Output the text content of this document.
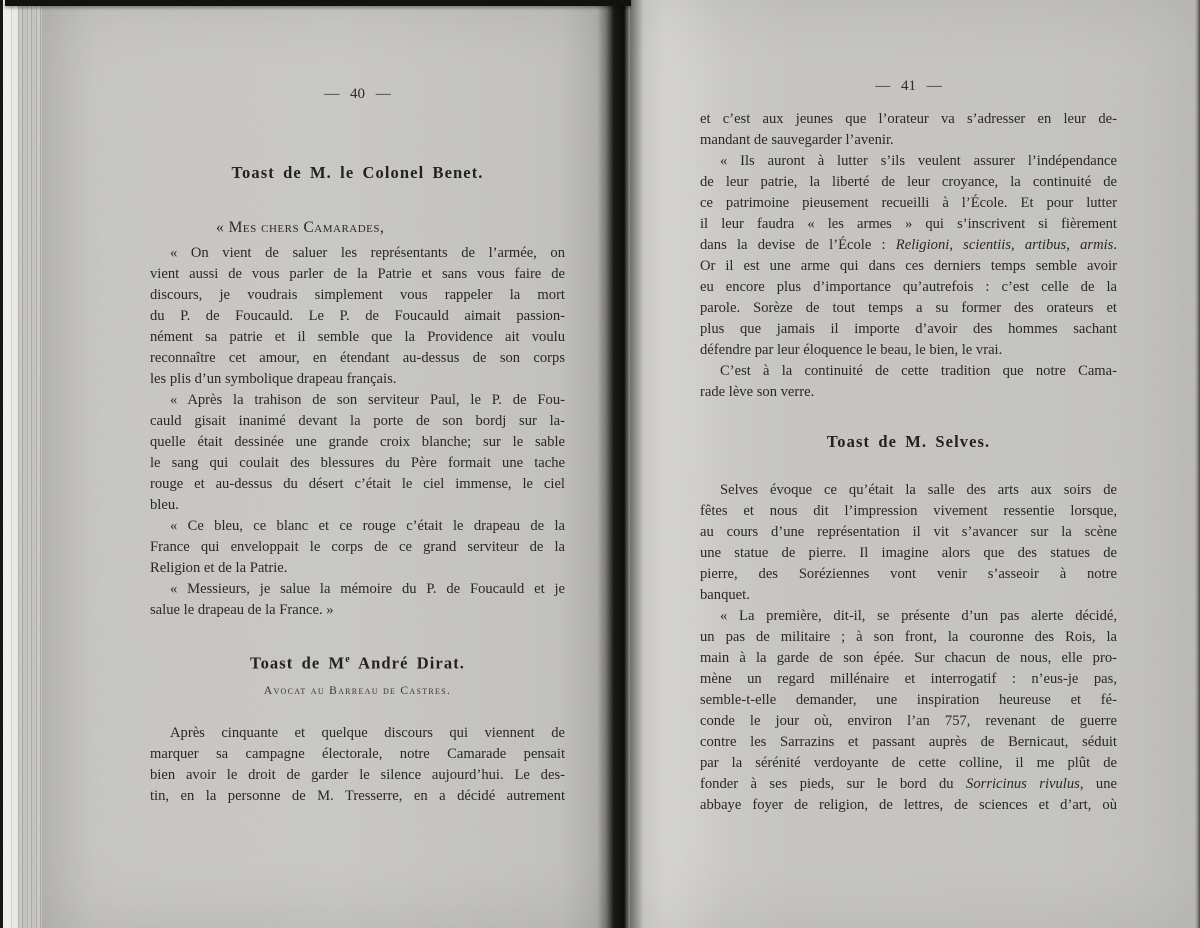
— 40 —
Toast de M. le Colonel Benet.
« Mes chers Camarades,
« On vient de saluer les représentants de l’armée, on
vient aussi de vous parler de la Patrie et sans vous faire de
discours, je voudrais simplement vous rappeler la mort
du P. de Foucauld. Le P. de Foucauld aimait passion-
nément sa patrie et il semble que la Providence ait voulu
reconnaître cet amour, en étendant au-dessus de son corps
les plis d’un symbolique drapeau français.
« Après la trahison de son serviteur Paul, le P. de Fou-
cauld gisait inanimé devant la porte de son bordj sur la-
quelle était dessinée une grande croix blanche; sur le sable
le sang qui coulait des blessures du Père formait une tache
rouge et au-dessus du désert c’était le ciel immense, le ciel
bleu.
« Ce bleu, ce blanc et ce rouge c’était le drapeau de la
France qui enveloppait le corps de ce grand serviteur de la
Religion et de la Patrie.
« Messieurs, je salue la mémoire du P. de Foucauld et je
salue le drapeau de la France. »
Toast de Me André Dirat.
Avocat au Barreau de Castres.
Après cinquante et quelque discours qui viennent de
marquer sa campagne électorale, notre Camarade pensait
bien avoir le droit de garder le silence aujourd’hui. Le des-
tin, en la personne de M. Tresserre, en a décidé autrement
— 41 —
et c’est aux jeunes que l’orateur va s’adresser en leur de-
mandant de sauvegarder l’avenir.
« Ils auront à lutter s’ils veulent assurer l’indépendance
de leur patrie, la liberté de leur croyance, la continuité de
ce patrimoine pieusement recueilli à l’École. Et pour lutter
il leur faudra « les armes » qui s’inscrivent si fièrement
dans la devise de l’École : Religioni, scientiis, artibus, armis.
Or il est une arme qui dans ces derniers temps semble avoir
eu encore plus d’importance qu’autrefois : c’est celle de la
parole. Sorèze de tout temps a su former des orateurs et
plus que jamais il importe d’avoir des hommes sachant
défendre par leur éloquence le beau, le bien, le vrai.
C’est à la continuité de cette tradition que notre Cama-
rade lève son verre.
Toast de M. Selves.
Selves évoque ce qu’était la salle des arts aux soirs de
fêtes et nous dit l’impression vivement ressentie lorsque,
au cours d’une représentation il vit s’avancer sur la scène
une statue de pierre. Il imagine alors que des statues de
pierre, des Soréziennes vont venir s’asseoir à notre
banquet.
« La première, dit-il, se présente d’un pas alerte décidé,
un pas de militaire ; à son front, la couronne des Rois, la
main à la garde de son épée. Sur chacun de nous, elle pro-
mène un regard millénaire et interrogatif : n’eus-je pas,
semble-t-elle demander, une inspiration heureuse et fé-
conde le jour où, environ l’an 757, revenant de guerre
contre les Sarrazins et passant auprès de Bernicaut, séduit
par la sérénité verdoyante de cette colline, il me plût de
fonder à ses pieds, sur le bord du Sorricinus rivulus, une
abbaye foyer de religion, de lettres, de sciences et d’art, où
